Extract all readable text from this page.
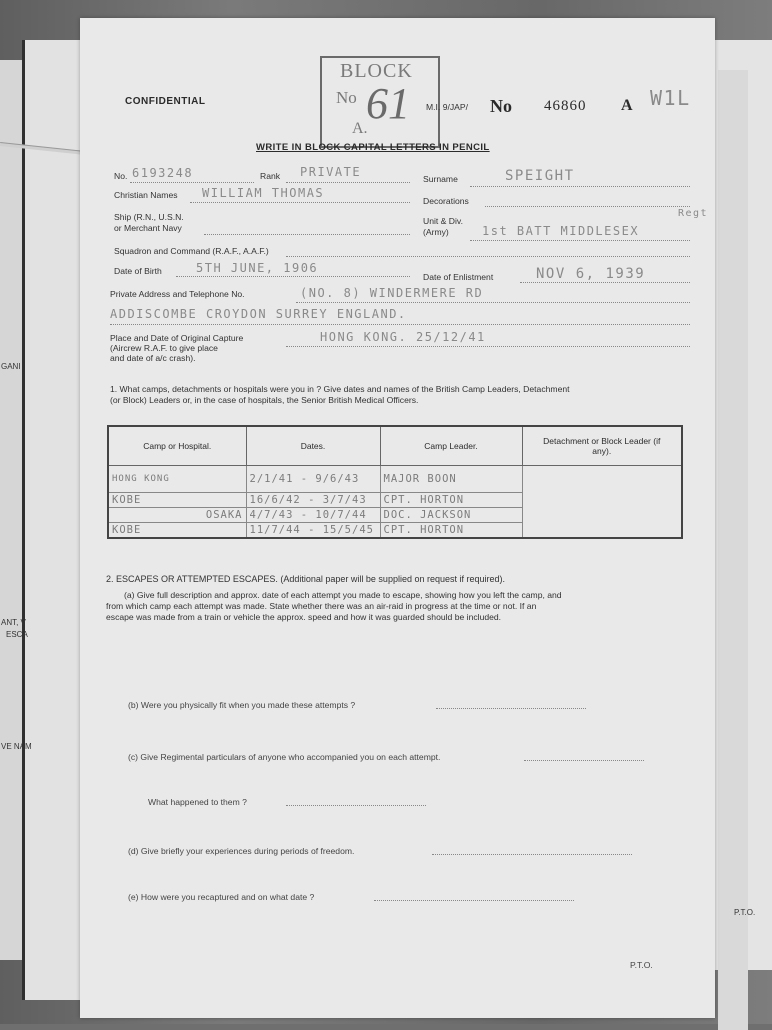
GANI
ANT, V
ESCA
VE NAM
P.T.O.
CONFIDENTIAL
BLOCK
No 61
A.
M.I. 9/JAP/ No 46860 A W1L
WRITE IN BLOCK CAPITAL LETTERS IN PENCIL
No. 6193248	Rank PRIVATE	Surname	SPEIGHT
Christian Names WILLIAM THOMAS
Decorations
Ship (R.N., U.S.N.
or Merchant Navy
Unit & Div.
(Army)	1st BATT MIDDLESEX
Regt
Squadron and Command (R.A.F., A.A.F.)
Date of Birth	5TH JUNE, 1906
Date of Enlistment	NOV 6, 1939
Private Address and Telephone No.	(NO. 8) WINDERMERE RD
ADDISCOMBE CROYDON SURREY ENGLAND.
Place and Date of Original Capture
(Aircrew R.A.F. to give place
and date of a/c crash).
HONG KONG. 25/12/41
1. What camps, detachments or hospitals were you in ? Give dates and names of the British Camp Leaders, Detachment
(or Block) Leaders or, in the case of hospitals, the Senior British Medical Officers.
Camp or Hospital.	Dates.	Camp Leader.	Detachment or Block Leader (if any).
HONG KONG	2/1/41 - 9/6/43	MAJOR BOON	
KOBE	16/6/42 - 3/7/43	CPT. HORTON	
OSAKA	4/7/43 - 10/7/44	DOC. JACKSON	
KOBE	11/7/44 - 15/5/45	CPT. HORTON	
2. ESCAPES OR ATTEMPTED ESCAPES. (Additional paper will be supplied on request if required).
(a) Give full description and approx. date of each attempt you made to escape, showing how you left the camp, and
from which camp each attempt was made. State whether there was an air-raid in progress at the time or not. If an
escape was made from a train or vehicle the approx. speed and how it was guarded should be included.
(b) Were you physically fit when you made these attempts ?
(c) Give Regimental particulars of anyone who accompanied you on each attempt.
What happened to them ?
(d) Give briefly your experiences during periods of freedom.
(e) How were you recaptured and on what date ?
P.T.O.
